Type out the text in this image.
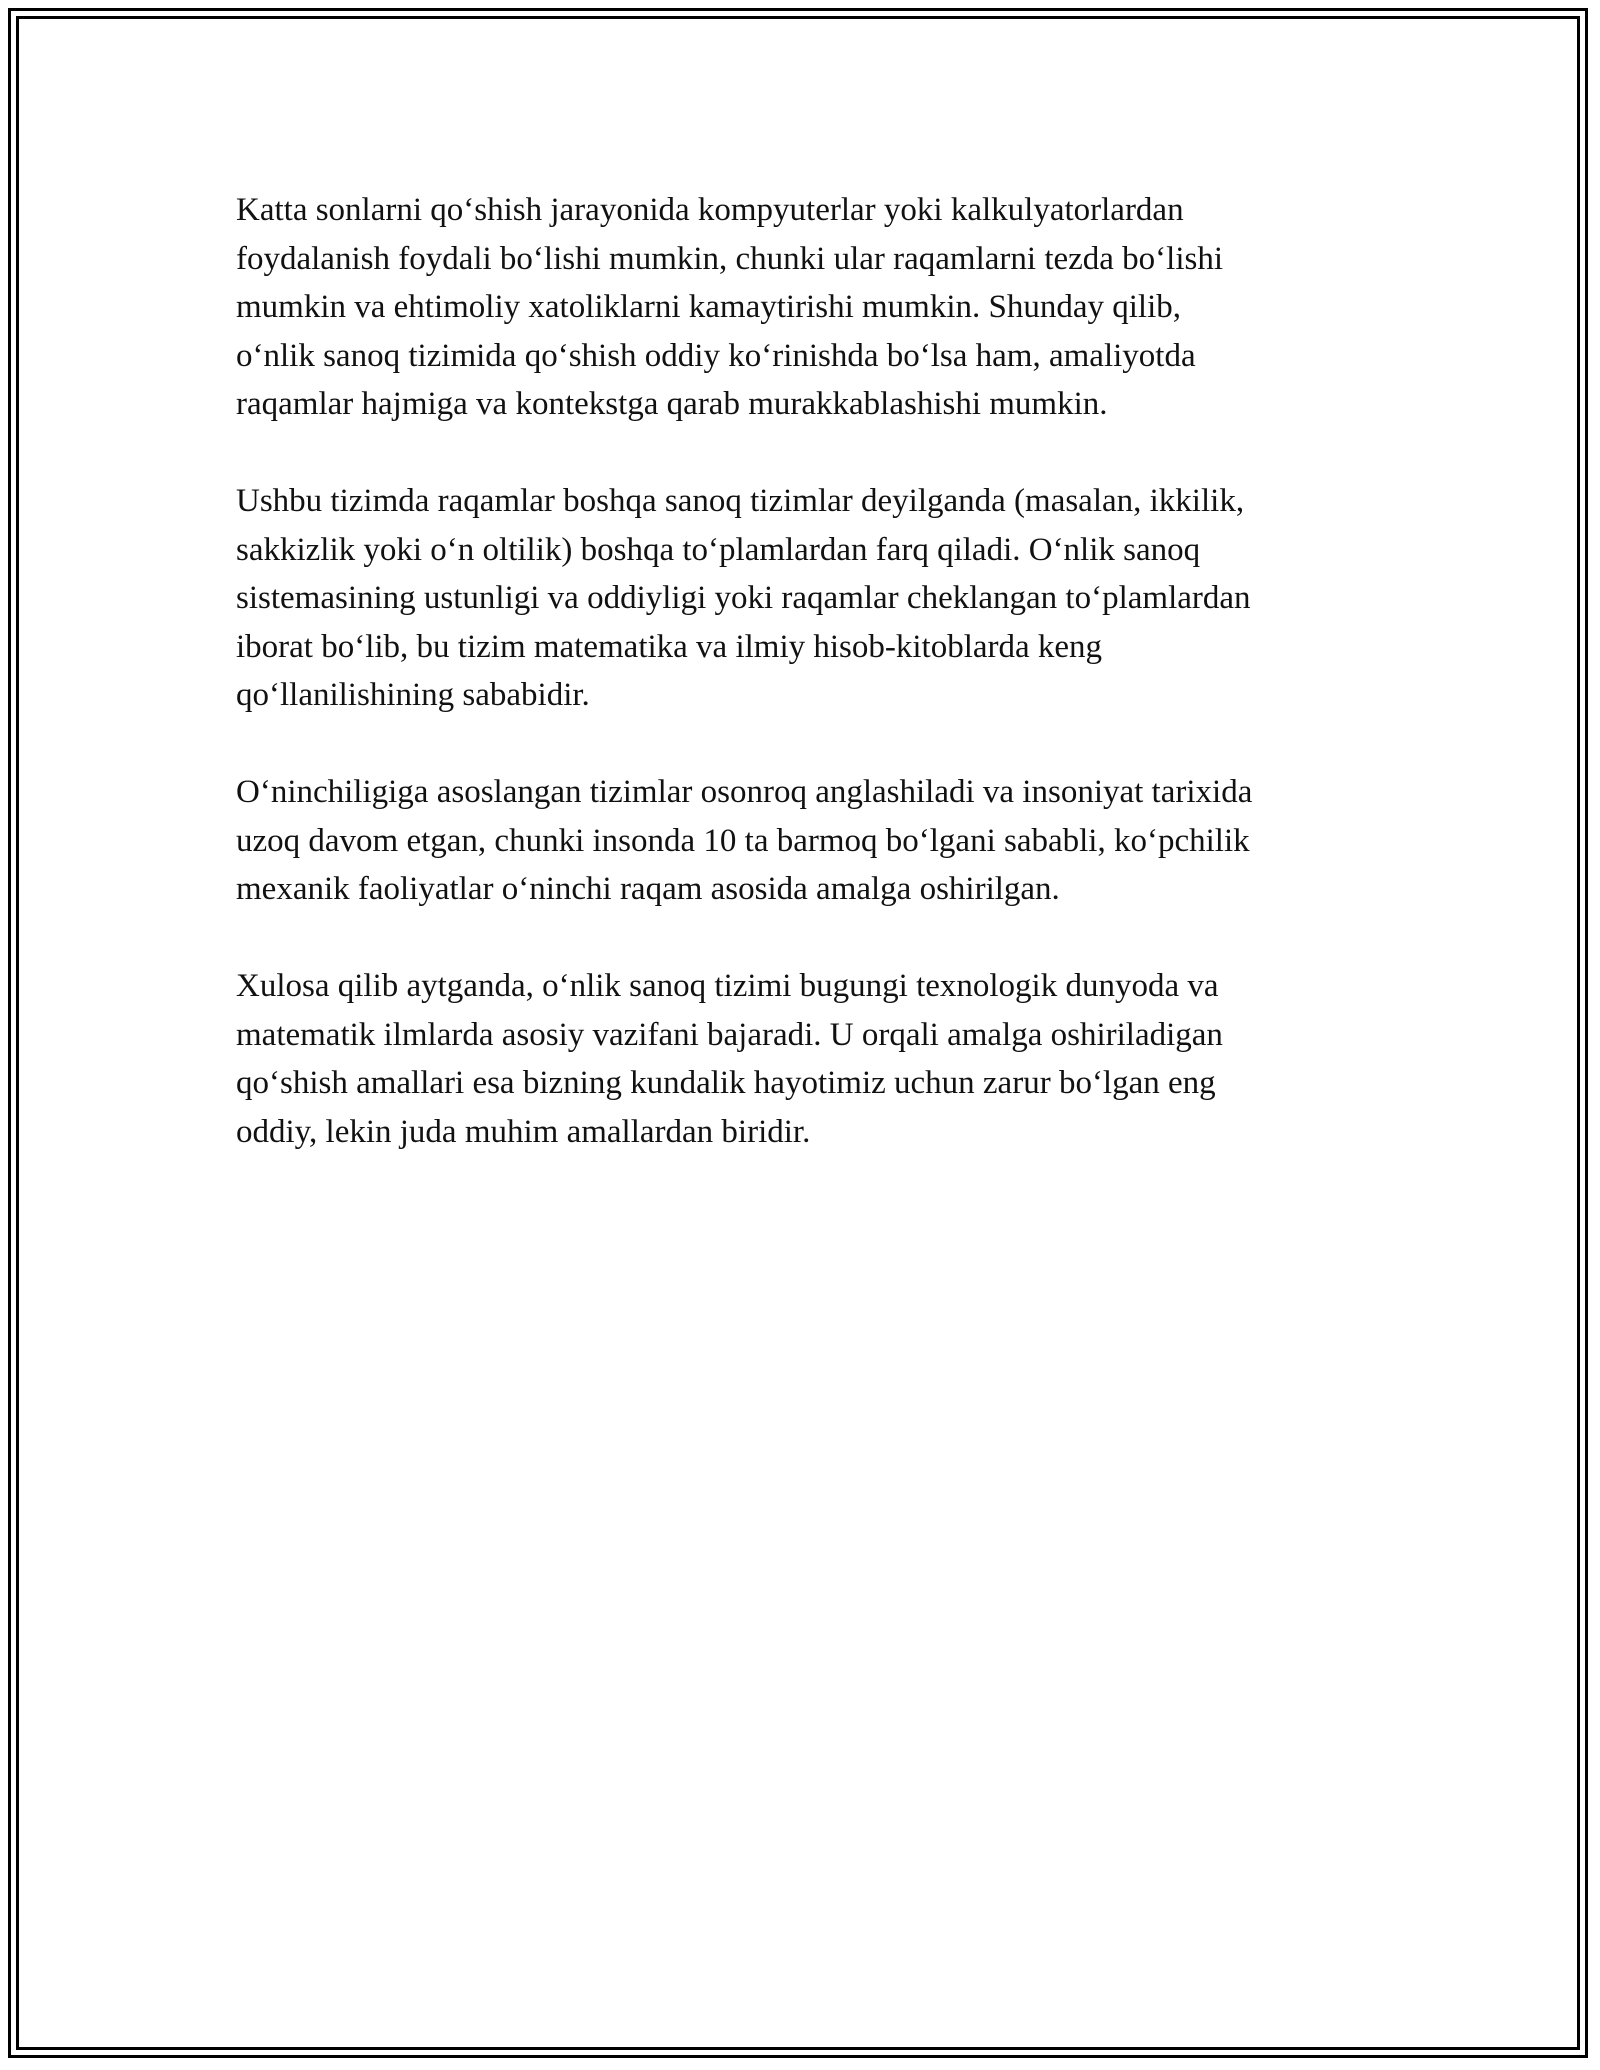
Katta sonlarni qo‘shish jarayonida kompyuterlar yoki kalkulyatorlardan
foydalanish foydali bo‘lishi mumkin, chunki ular raqamlarni tezda bo‘lishi
mumkin va ehtimoliy xatoliklarni kamaytirishi mumkin. Shunday qilib,
o‘nlik sanoq tizimida qo‘shish oddiy ko‘rinishda bo‘lsa ham, amaliyotda
raqamlar hajmiga va kontekstga qarab murakkablashishi mumkin.

Ushbu tizimda raqamlar boshqa sanoq tizimlar deyilganda (masalan, ikkilik,
sakkizlik yoki o‘n oltilik) boshqa to‘plamlardan farq qiladi. O‘nlik sanoq
sistemasining ustunligi va oddiyligi yoki raqamlar cheklangan to‘plamlardan
iborat bo‘lib, bu tizim matematika va ilmiy hisob-kitoblarda keng
qo‘llanilishining sababidir.

O‘ninchiligiga asoslangan tizimlar osonroq anglashiladi va insoniyat tarixida
uzoq davom etgan, chunki insonda 10 ta barmoq bo‘lgani sababli, ko‘pchilik
mexanik faoliyatlar o‘ninchi raqam asosida amalga oshirilgan.

Xulosa qilib aytganda, o‘nlik sanoq tizimi bugungi texnologik dunyoda va
matematik ilmlarda asosiy vazifani bajaradi. U orqali amalga oshiriladigan
qo‘shish amallari esa bizning kundalik hayotimiz uchun zarur bo‘lgan eng
oddiy, lekin juda muhim amallardan biridir.
